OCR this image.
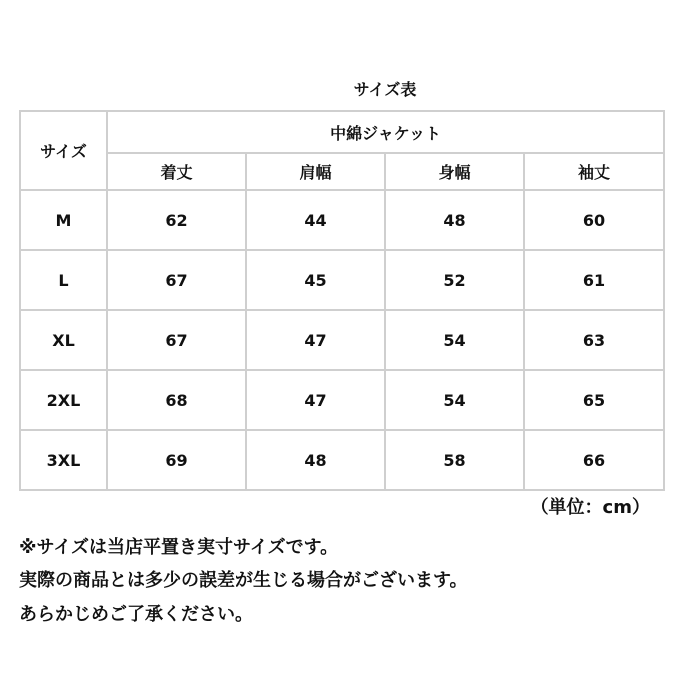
サイズ表
サイズ	中綿ジャケット			
	着丈	肩幅	身幅	袖丈
M	62	44	48	60
L	67	45	52	61
XL	67	47	54	63
2XL	68	47	54	65
3XL	69	48	58	66
（単位：cm）
※サイズは当店平置き実寸サイズです。
実際の商品とは多少の誤差が生じる場合がございます。
あらかじめご了承ください。
